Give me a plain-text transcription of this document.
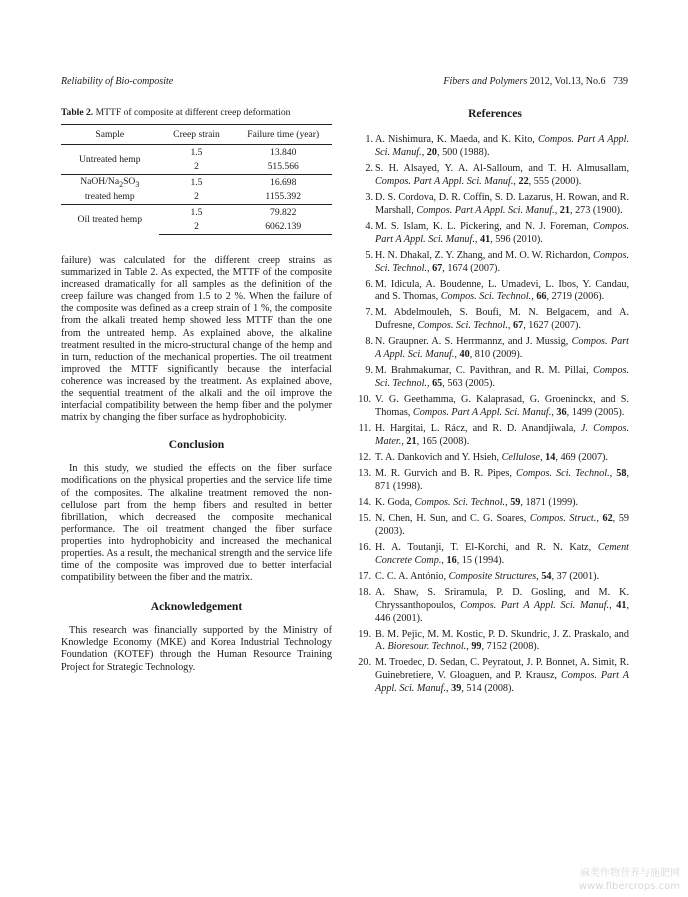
Reliability of Bio-composite	Fibers and Polymers 2012, Vol.13, No.6 739
Table 2. MTTF of composite at different creep deformation
Sample	Creep strain	Failure time (year)
Untreated hemp	1.5	13.840
	2	515.566
NaOH/$Na_2SO_3$
treated hemp	1.5	16.698
	2	1155.392
Oil treated hemp	1.5	79.822
	2	6062.139

failure) was calculated for the different creep strains as summarized in Table 2. As expected, the MTTF of the composite increased dramatically for all samples as the definition of the creep failure was changed from 1.5 to 2 %. When the failure of the composite was defined as a creep strain of 1 %, the composite from the alkali treated hemp showed less MTTF than the one from the untreated hemp. As explained above, the alkaline treatment resulted in the micro-structural change of the hemp and in turn, reduction of the mechanical properties. The oil treatment improved the MTTF significantly because the interfacial coherence was increased by the treatment. As explained above, the sequential treatment of the alkali and the oil improve the interfacial compatibility between the hemp fiber and the polymer matrix by changing the fiber surface as hydrophobicity.

Conclusion

In this study, we studied the effects on the fiber surface modifications on the physical properties and the service life time of the composites. The alkaline treatment removed the non-cellulose part from the hemp fibers and resulted in better fibrillation, which decreased the composite mechanical performance. The oil treatment changed the fiber surface properties into hydrophobicity and increased the mechanical properties. As a result, the mechanical strength and the service life time of the composite was improved due to better interfacial compatibility between the fiber and the matrix.

Acknowledgement

This research was financially supported by the Ministry of Knowledge Economy (MKE) and Korea Industrial Technology Foundation (KOTEF) through the Human Resource Training Project for Strategic Technology.

References
1. A. Nishimura, K. Maeda, and K. Kito, Compos. Part A Appl. Sci. Manuf., 20, 500 (1988).
2. S. H. Alsayed, Y. A. Al-Salloum, and T. H. Almusallam, Compos. Part A Appl. Sci. Manuf., 22, 555 (2000).
3. D. S. Cordova, D. R. Coffin, S. D. Lazarus, H. Rowan, and R. Marshall, Compos. Part A Appl. Sci. Manuf., 21, 273 (1900).
4. M. S. Islam, K. L. Pickering, and N. J. Foreman, Compos. Part A Appl. Sci. Manuf., 41, 596 (2010).
5. H. N. Dhakal, Z. Y. Zhang, and M. O. W. Richardon, Compos. Sci. Technol., 67, 1674 (2007).
6. M. Idicula, A. Boudenne, L. Umadevi, L. Ibos, Y. Candau, and S. Thomas, Compos. Sci. Technol., 66, 2719 (2006).
7. M. Abdelmouleh, S. Boufi, M. N. Belgacem, and A. Dufresne, Compos. Sci. Technol., 67, 1627 (2007).
8. N. Graupner. A. S. Herrmannz, and J. Mussig, Compos. Part A Appl. Sci. Manuf., 40, 810 (2009).
9. M. Brahmakumar, C. Pavithran, and R. M. Pillai, Compos. Sci. Technol., 65, 563 (2005).
10. V. G. Geethamma, G. Kalaprasad, G. Groeninckx, and S. Thomas, Compos. Part A Appl. Sci. Manuf., 36, 1499 (2005).
11. H. Hargitai, L. Rácz, and R. D. Anandjiwala, J. Compos. Mater., 21, 165 (2008).
12. T. A. Dankovich and Y. Hsieh, Cellulose, 14, 469 (2007).
13. M. R. Gurvich and B. R. Pipes, Compos. Sci. Technol., 58, 871 (1998).
14. K. Goda, Compos. Sci. Technol., 59, 1871 (1999).
15. N. Chen, H. Sun, and C. G. Soares, Compos. Struct., 62, 59 (2003).
16. H. A. Toutanji, T. El-Korchi, and R. N. Katz, Cement Concrete Comp., 16, 15 (1994).
17. C. C. A. António, Composite Structures, 54, 37 (2001).
18. A. Shaw, S. Sriramula, P. D. Gosling, and M. K. Chryssanthopoulos, Compos. Part A Appl. Sci. Manuf., 41, 446 (2001).
19. B. M. Pejic, M. M. Kostic, P. D. Skundric, J. Z. Praskalo, and A. Bioresour. Technol., 99, 7152 (2008).
20. M. Troedec, D. Sedan, C. Peyratout, J. P. Bonnet, A. Simit, R. Guinebretiere, V. Gloaguen, and P. Krausz, Compos. Part A Appl. Sci. Manuf., 39, 514 (2008).
麻类作物营养与施肥网
www.fibercrops.com
